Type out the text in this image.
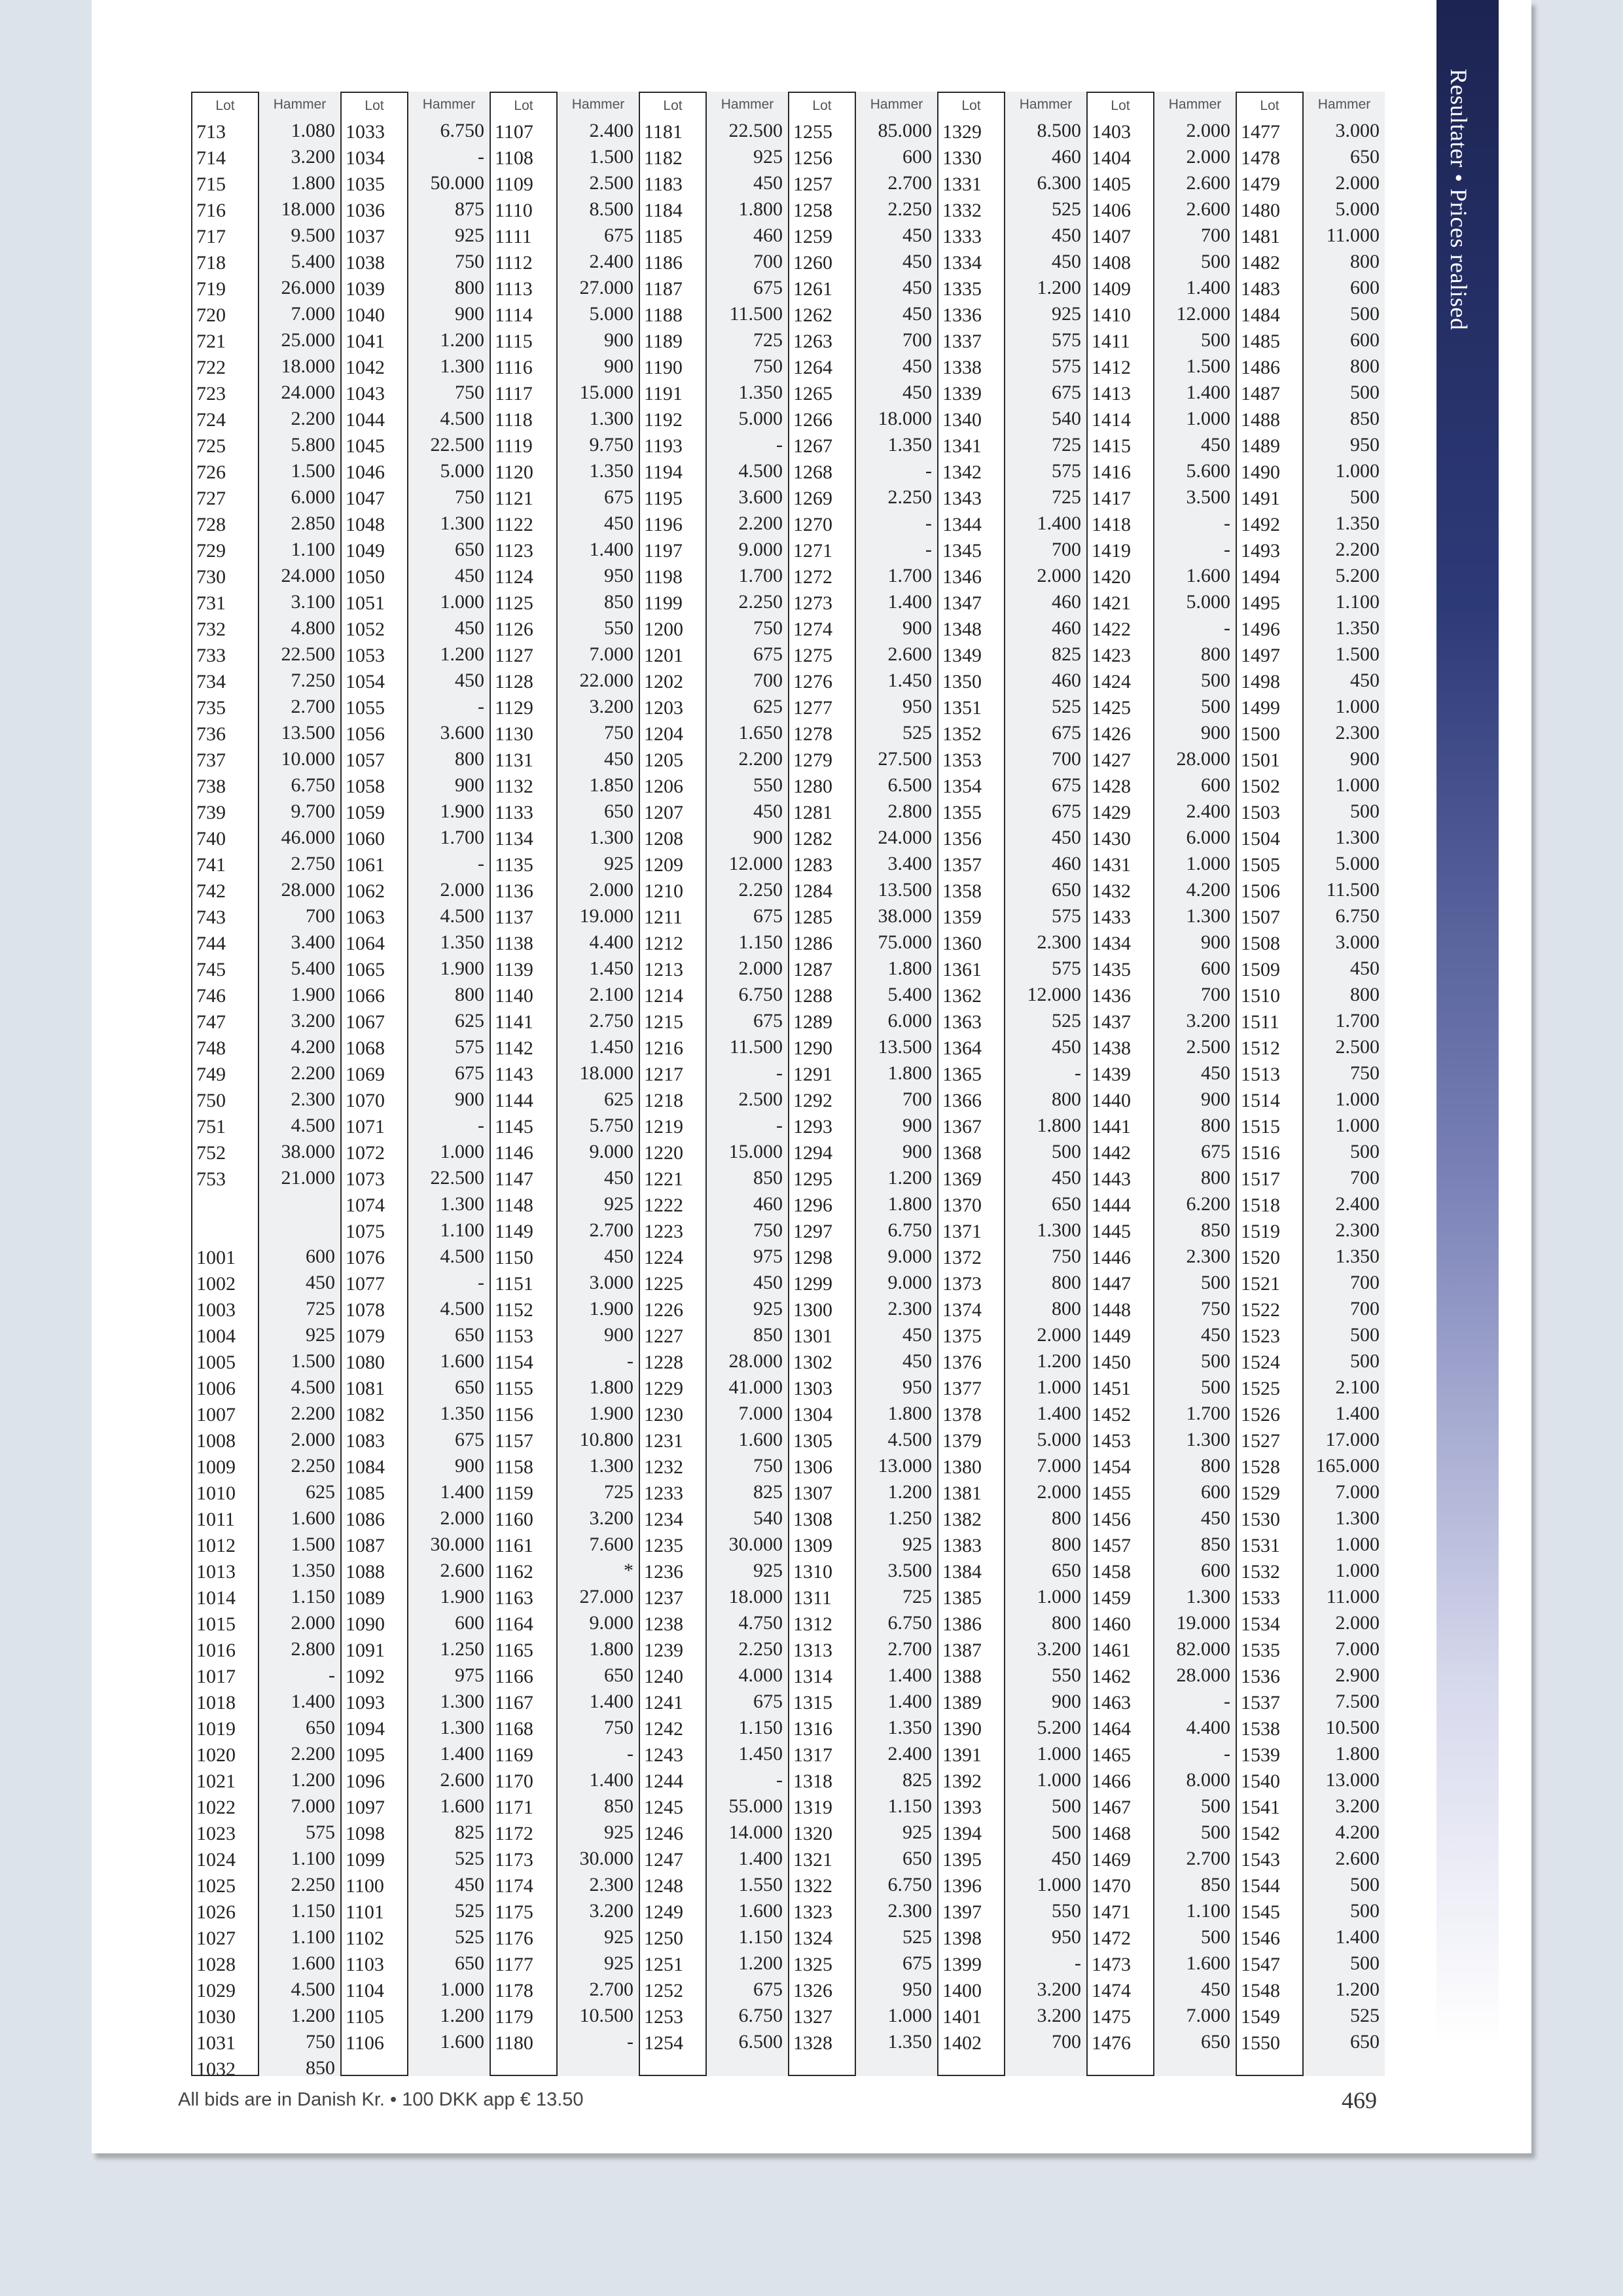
Resultater • Prices realised
Hammer
1.080
3.200
1.800
18.000
9.500
5.400
26.000
7.000
25.000
18.000
24.000
2.200
5.800
1.500
6.000
2.850
1.100
24.000
3.100
4.800
22.500
7.250
2.700
13.500
10.000
6.750
9.700
46.000
2.750
28.000
700
3.400
5.400
1.900
3.200
4.200
2.200
2.300
4.500
38.000
21.000
600
450
725
925
1.500
4.500
2.200
2.000
2.250
625
1.600
1.500
1.350
1.150
2.000
2.800
-
1.400
650
2.200
1.200
7.000
575
1.100
2.250
1.150
1.100
1.600
4.500
1.200
750
850
Lot
713
714
715
716
717
718
719
720
721
722
723
724
725
726
727
728
729
730
731
732
733
734
735
736
737
738
739
740
741
742
743
744
745
746
747
748
749
750
751
752
753
1001
1002
1003
1004
1005
1006
1007
1008
1009
1010
1011
1012
1013
1014
1015
1016
1017
1018
1019
1020
1021
1022
1023
1024
1025
1026
1027
1028
1029
1030
1031
1032
Hammer
6.750
-
50.000
875
925
750
800
900
1.200
1.300
750
4.500
22.500
5.000
750
1.300
650
450
1.000
450
1.200
450
-
3.600
800
900
1.900
1.700
-
2.000
4.500
1.350
1.900
800
625
575
675
900
-
1.000
22.500
1.300
1.100
4.500
-
4.500
650
1.600
650
1.350
675
900
1.400
2.000
30.000
2.600
1.900
600
1.250
975
1.300
1.300
1.400
2.600
1.600
825
525
450
525
525
650
1.000
1.200
1.600
Lot
1033
1034
1035
1036
1037
1038
1039
1040
1041
1042
1043
1044
1045
1046
1047
1048
1049
1050
1051
1052
1053
1054
1055
1056
1057
1058
1059
1060
1061
1062
1063
1064
1065
1066
1067
1068
1069
1070
1071
1072
1073
1074
1075
1076
1077
1078
1079
1080
1081
1082
1083
1084
1085
1086
1087
1088
1089
1090
1091
1092
1093
1094
1095
1096
1097
1098
1099
1100
1101
1102
1103
1104
1105
1106
Hammer
2.400
1.500
2.500
8.500
675
2.400
27.000
5.000
900
900
15.000
1.300
9.750
1.350
675
450
1.400
950
850
550
7.000
22.000
3.200
750
450
1.850
650
1.300
925
2.000
19.000
4.400
1.450
2.100
2.750
1.450
18.000
625
5.750
9.000
450
925
2.700
450
3.000
1.900
900
-
1.800
1.900
10.800
1.300
725
3.200
7.600
*
27.000
9.000
1.800
650
1.400
750
-
1.400
850
925
30.000
2.300
3.200
925
925
2.700
10.500
-
Lot
1107
1108
1109
1110
1111
1112
1113
1114
1115
1116
1117
1118
1119
1120
1121
1122
1123
1124
1125
1126
1127
1128
1129
1130
1131
1132
1133
1134
1135
1136
1137
1138
1139
1140
1141
1142
1143
1144
1145
1146
1147
1148
1149
1150
1151
1152
1153
1154
1155
1156
1157
1158
1159
1160
1161
1162
1163
1164
1165
1166
1167
1168
1169
1170
1171
1172
1173
1174
1175
1176
1177
1178
1179
1180
Hammer
22.500
925
450
1.800
460
700
675
11.500
725
750
1.350
5.000
-
4.500
3.600
2.200
9.000
1.700
2.250
750
675
700
625
1.650
2.200
550
450
900
12.000
2.250
675
1.150
2.000
6.750
675
11.500
-
2.500
-
15.000
850
460
750
975
450
925
850
28.000
41.000
7.000
1.600
750
825
540
30.000
925
18.000
4.750
2.250
4.000
675
1.150
1.450
-
55.000
14.000
1.400
1.550
1.600
1.150
1.200
675
6.750
6.500
Lot
1181
1182
1183
1184
1185
1186
1187
1188
1189
1190
1191
1192
1193
1194
1195
1196
1197
1198
1199
1200
1201
1202
1203
1204
1205
1206
1207
1208
1209
1210
1211
1212
1213
1214
1215
1216
1217
1218
1219
1220
1221
1222
1223
1224
1225
1226
1227
1228
1229
1230
1231
1232
1233
1234
1235
1236
1237
1238
1239
1240
1241
1242
1243
1244
1245
1246
1247
1248
1249
1250
1251
1252
1253
1254
Hammer
85.000
600
2.700
2.250
450
450
450
450
700
450
450
18.000
1.350
-
2.250
-
-
1.700
1.400
900
2.600
1.450
950
525
27.500
6.500
2.800
24.000
3.400
13.500
38.000
75.000
1.800
5.400
6.000
13.500
1.800
700
900
900
1.200
1.800
6.750
9.000
9.000
2.300
450
450
950
1.800
4.500
13.000
1.200
1.250
925
3.500
725
6.750
2.700
1.400
1.400
1.350
2.400
825
1.150
925
650
6.750
2.300
525
675
950
1.000
1.350
Lot
1255
1256
1257
1258
1259
1260
1261
1262
1263
1264
1265
1266
1267
1268
1269
1270
1271
1272
1273
1274
1275
1276
1277
1278
1279
1280
1281
1282
1283
1284
1285
1286
1287
1288
1289
1290
1291
1292
1293
1294
1295
1296
1297
1298
1299
1300
1301
1302
1303
1304
1305
1306
1307
1308
1309
1310
1311
1312
1313
1314
1315
1316
1317
1318
1319
1320
1321
1322
1323
1324
1325
1326
1327
1328
Hammer
8.500
460
6.300
525
450
450
1.200
925
575
575
675
540
725
575
725
1.400
700
2.000
460
460
825
460
525
675
700
675
675
450
460
650
575
2.300
575
12.000
525
450
-
800
1.800
500
450
650
1.300
750
800
800
2.000
1.200
1.000
1.400
5.000
7.000
2.000
800
800
650
1.000
800
3.200
550
900
5.200
1.000
1.000
500
500
450
1.000
550
950
-
3.200
3.200
700
Lot
1329
1330
1331
1332
1333
1334
1335
1336
1337
1338
1339
1340
1341
1342
1343
1344
1345
1346
1347
1348
1349
1350
1351
1352
1353
1354
1355
1356
1357
1358
1359
1360
1361
1362
1363
1364
1365
1366
1367
1368
1369
1370
1371
1372
1373
1374
1375
1376
1377
1378
1379
1380
1381
1382
1383
1384
1385
1386
1387
1388
1389
1390
1391
1392
1393
1394
1395
1396
1397
1398
1399
1400
1401
1402
Hammer
2.000
2.000
2.600
2.600
700
500
1.400
12.000
500
1.500
1.400
1.000
450
5.600
3.500
-
-
1.600
5.000
-
800
500
500
900
28.000
600
2.400
6.000
1.000
4.200
1.300
900
600
700
3.200
2.500
450
900
800
675
800
6.200
850
2.300
500
750
450
500
500
1.700
1.300
800
600
450
850
600
1.300
19.000
82.000
28.000
-
4.400
-
8.000
500
500
2.700
850
1.100
500
1.600
450
7.000
650
Lot
1403
1404
1405
1406
1407
1408
1409
1410
1411
1412
1413
1414
1415
1416
1417
1418
1419
1420
1421
1422
1423
1424
1425
1426
1427
1428
1429
1430
1431
1432
1433
1434
1435
1436
1437
1438
1439
1440
1441
1442
1443
1444
1445
1446
1447
1448
1449
1450
1451
1452
1453
1454
1455
1456
1457
1458
1459
1460
1461
1462
1463
1464
1465
1466
1467
1468
1469
1470
1471
1472
1473
1474
1475
1476
Hammer
3.000
650
2.000
5.000
11.000
800
600
500
600
800
500
850
950
1.000
500
1.350
2.200
5.200
1.100
1.350
1.500
450
1.000
2.300
900
1.000
500
1.300
5.000
11.500
6.750
3.000
450
800
1.700
2.500
750
1.000
1.000
500
700
2.400
2.300
1.350
700
700
500
500
2.100
1.400
17.000
165.000
7.000
1.300
1.000
1.000
11.000
2.000
7.000
2.900
7.500
10.500
1.800
13.000
3.200
4.200
2.600
500
500
1.400
500
1.200
525
650
Lot
1477
1478
1479
1480
1481
1482
1483
1484
1485
1486
1487
1488
1489
1490
1491
1492
1493
1494
1495
1496
1497
1498
1499
1500
1501
1502
1503
1504
1505
1506
1507
1508
1509
1510
1511
1512
1513
1514
1515
1516
1517
1518
1519
1520
1521
1522
1523
1524
1525
1526
1527
1528
1529
1530
1531
1532
1533
1534
1535
1536
1537
1538
1539
1540
1541
1542
1543
1544
1545
1546
1547
1548
1549
1550
All bids are in Danish Kr. • 100 DKK app € 13.50	469
